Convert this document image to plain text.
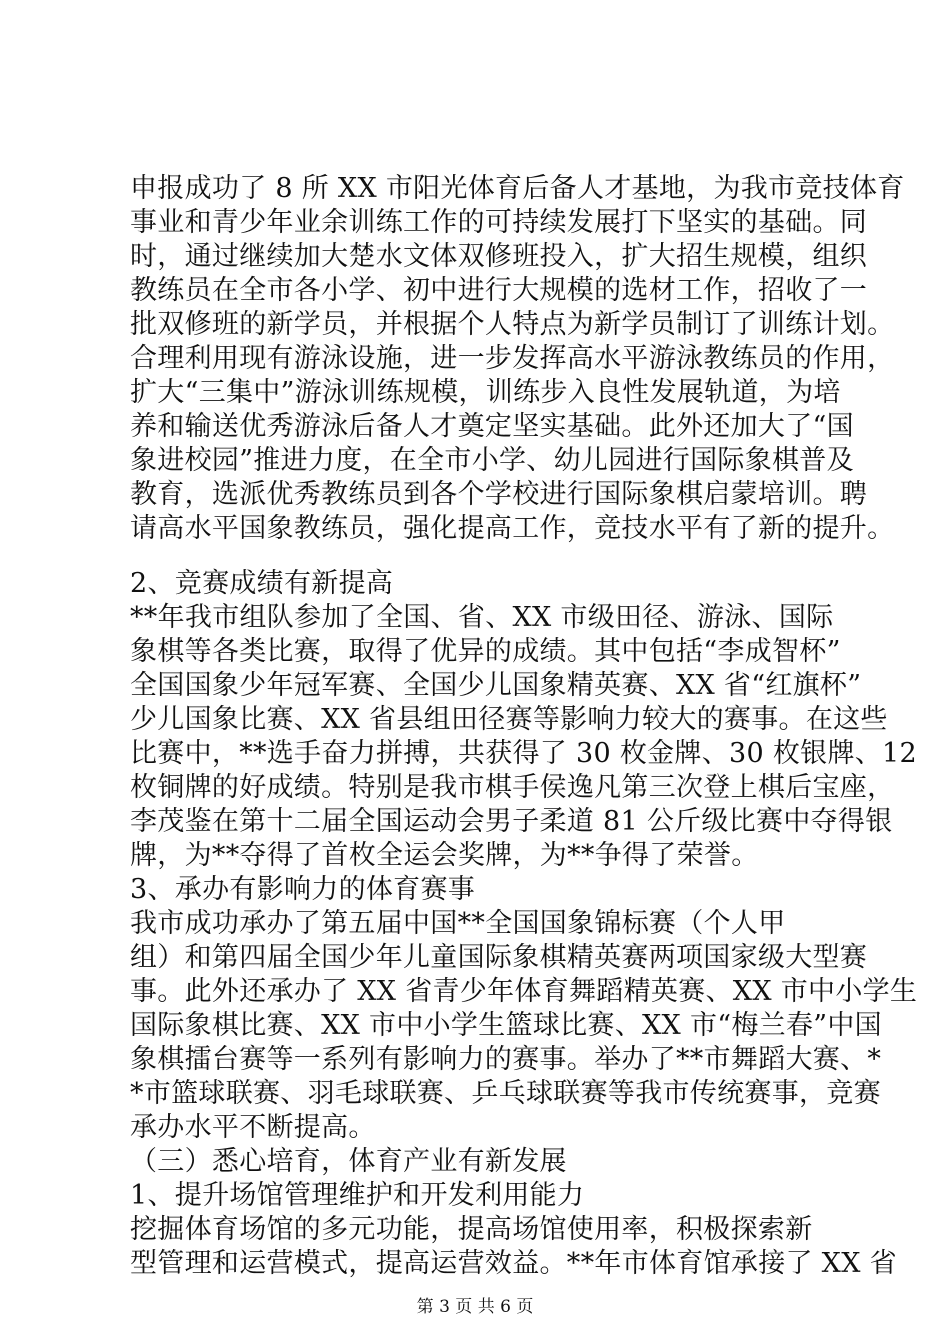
申报成功了 8 所 XX 市阳光体育后备人才基地，为我市竞技体育
事业和青少年业余训练工作的可持续发展打下坚实的基础。同
时，通过继续加大楚水文体双修班投入，扩大招生规模，组织
教练员在全市各小学、初中进行大规模的选材工作，招收了一
批双修班的新学员，并根据个人特点为新学员制订了训练计划。
合理利用现有游泳设施，进一步发挥高水平游泳教练员的作用，
扩大“三集中”游泳训练规模，训练步入良性发展轨道，为培
养和输送优秀游泳后备人才奠定坚实基础。此外还加大了“国
象进校园”推进力度，在全市小学、幼儿园进行国际象棋普及
教育，选派优秀教练员到各个学校进行国际象棋启蒙培训。聘
请高水平国象教练员，强化提高工作，竞技水平有了新的提升。
2、竞赛成绩有新提高
**年我市组队参加了全国、省、XX 市级田径、游泳、国际
象棋等各类比赛，取得了优异的成绩。其中包括“李成智杯”
全国国象少年冠军赛、全国少儿国象精英赛、XX 省“红旗杯”
少儿国象比赛、XX 省县组田径赛等影响力较大的赛事。在这些
比赛中，**选手奋力拼搏，共获得了 30 枚金牌、30 枚银牌、12
枚铜牌的好成绩。特别是我市棋手侯逸凡第三次登上棋后宝座，
李茂鉴在第十二届全国运动会男子柔道 81 公斤级比赛中夺得银
牌，为**夺得了首枚全运会奖牌，为**争得了荣誉。
3、承办有影响力的体育赛事
我市成功承办了第五届中国**全国国象锦标赛（个人甲
组）和第四届全国少年儿童国际象棋精英赛两项国家级大型赛
事。此外还承办了 XX 省青少年体育舞蹈精英赛、XX 市中小学生
国际象棋比赛、XX 市中小学生篮球比赛、XX 市“梅兰春”中国
象棋擂台赛等一系列有影响力的赛事。举办了**市舞蹈大赛、*
*市篮球联赛、羽毛球联赛、乒乓球联赛等我市传统赛事，竞赛
承办水平不断提高。
（三）悉心培育，体育产业有新发展
1、提升场馆管理维护和开发利用能力
挖掘体育场馆的多元功能，提高场馆使用率，积极探索新
型管理和运营模式，提高运营效益。**年市体育馆承接了 XX 省
第 3 页 共 6 页
